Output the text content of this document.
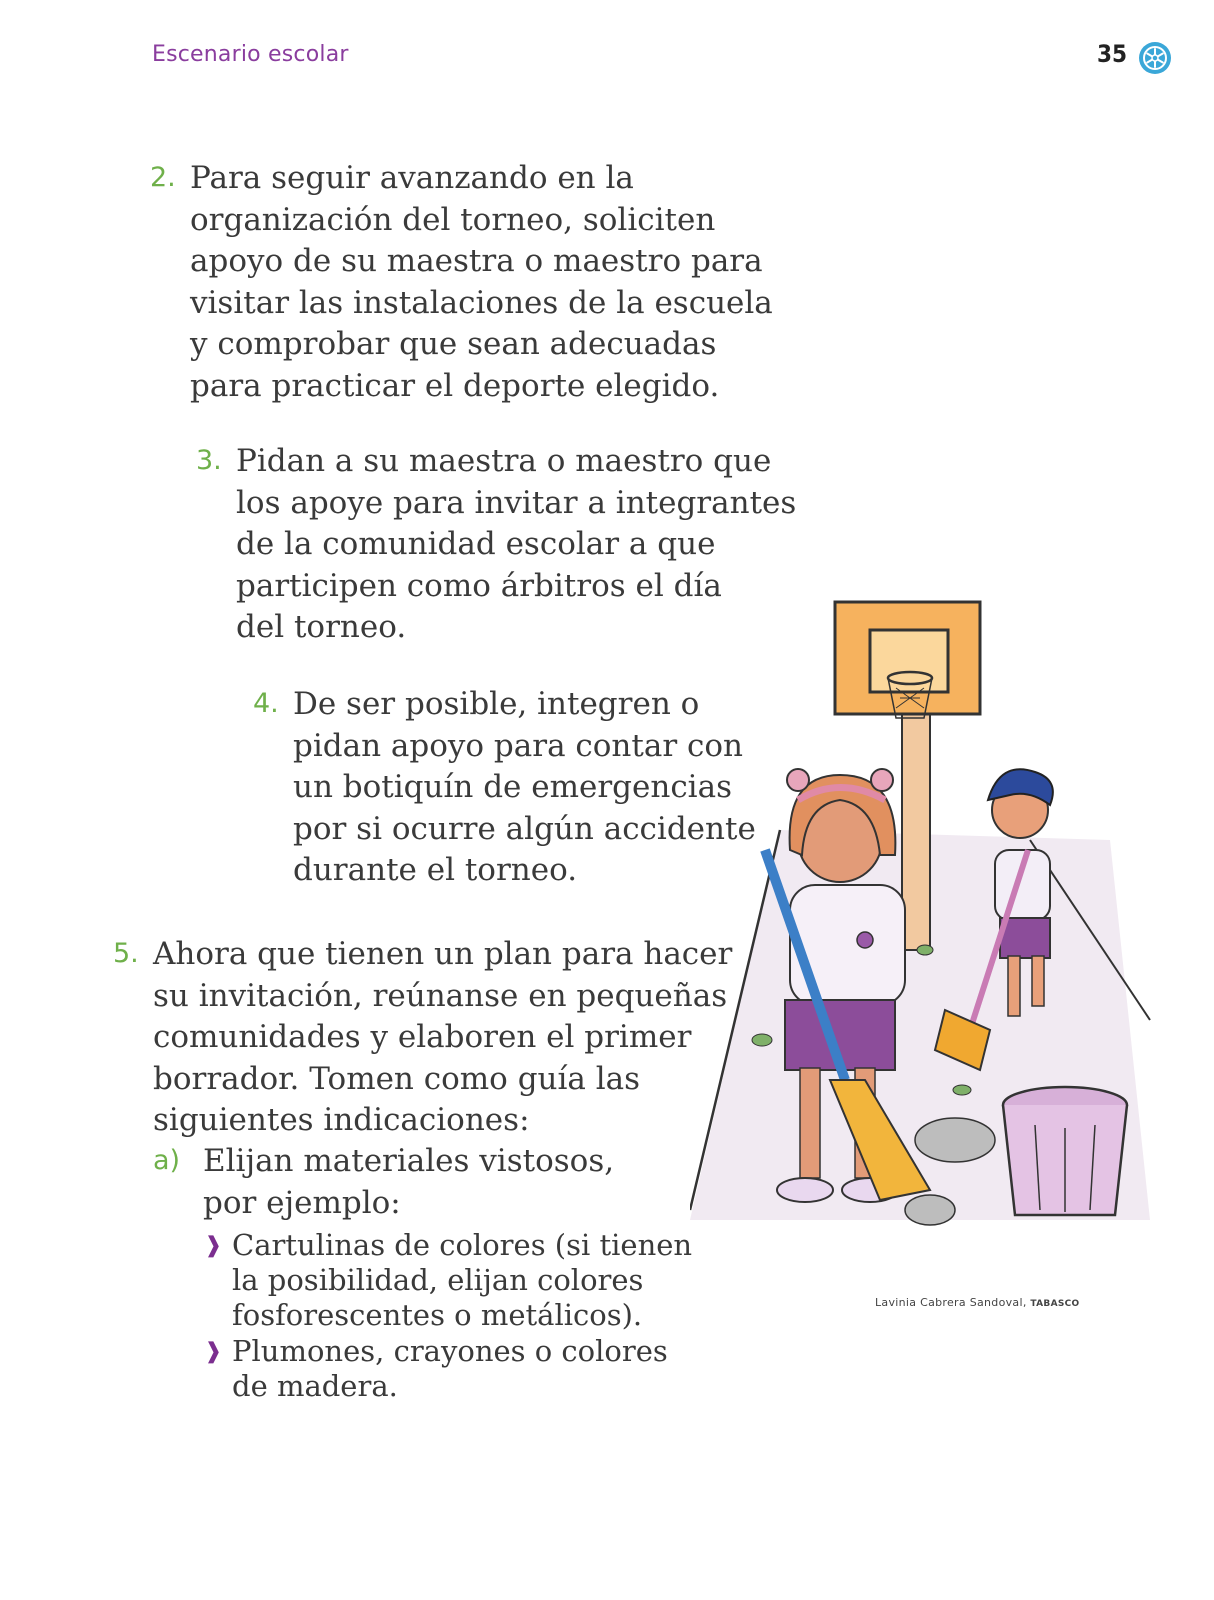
Escenario escolar	35
2. Para seguir avanzando en la
organización del torneo, soliciten
apoyo de su maestra o maestro para
visitar las instalaciones de la escuela
y comprobar que sean adecuadas
para practicar el deporte elegido.
3. Pidan a su maestra o maestro que
los apoye para invitar a integrantes
de la comunidad escolar a que
participen como árbitros el día
del torneo.
4. De ser posible, integren o
pidan apoyo para contar con
un botiquín de emergencias
por si ocurre algún accidente
durante el torneo.
5. Ahora que tienen un plan para hacer
su invitación, reúnanse en pequeñas
comunidades y elaboren el primer
borrador. Tomen como guía las
siguientes indicaciones:
a) Elijan materiales vistosos,
por ejemplo:
❱ Cartulinas de colores (si tienen
la posibilidad, elijan colores
fosforescentes o metálicos).
❱ Plumones, crayones o colores
de madera.
Lavinia Cabrera Sandoval, TABASCO
